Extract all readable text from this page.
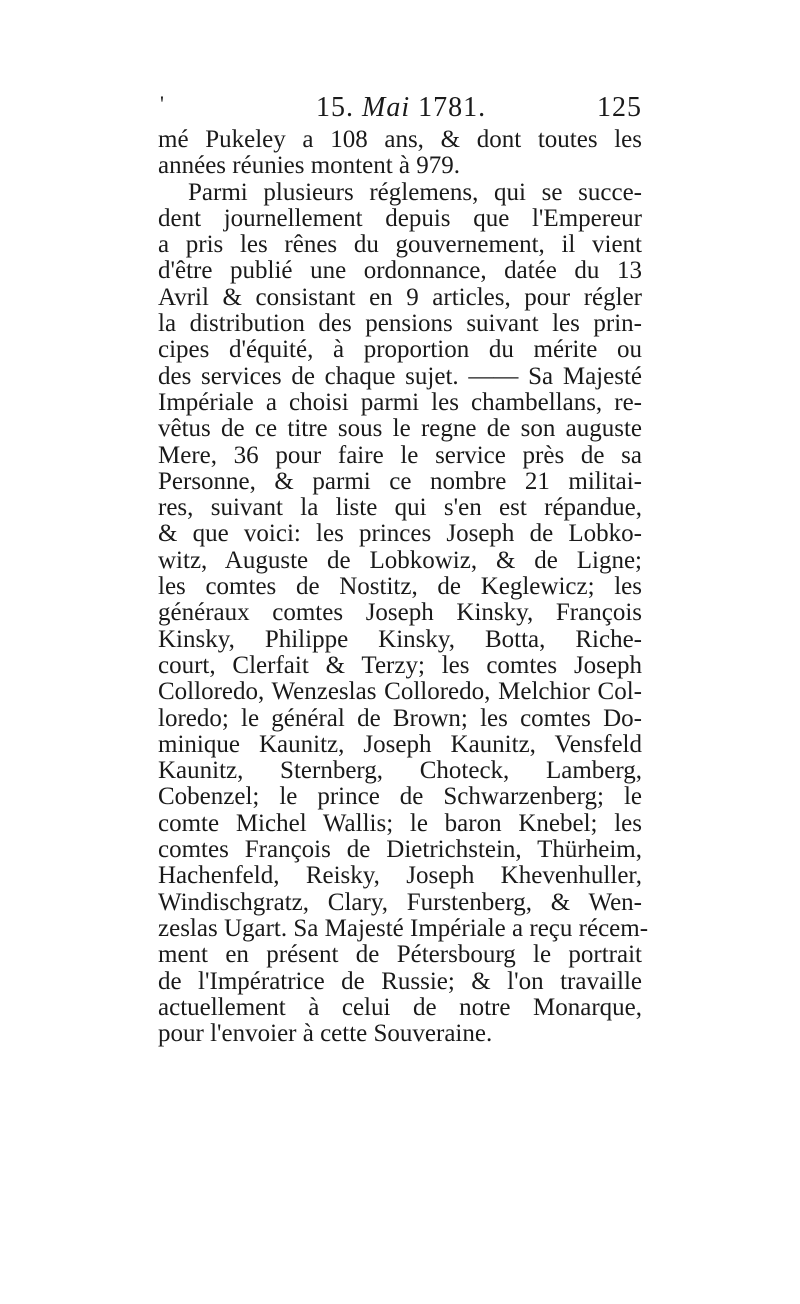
'	15. Mai 1781.	125
mé Pukeley a 108 ans, & dont toutes les
années réunies montent à 979.
Parmi plusieurs réglemens, qui se succe-
dent journellement depuis que l'Empereur
a pris les rênes du gouvernement, il vient
d'être publié une ordonnance, datée du 13
Avril & consistant en 9 articles, pour régler
la distribution des pensions suivant les prin-
cipes d'équité, à proportion du mérite ou
des services de chaque sujet. —— Sa Majesté
Impériale a choisi parmi les chambellans, re-
vêtus de ce titre sous le regne de son auguste
Mere, 36 pour faire le service près de sa
Personne, & parmi ce nombre 21 militai-
res, suivant la liste qui s'en est répandue,
& que voici: les princes Joseph de Lobko-
witz, Auguste de Lobkowiz, & de Ligne;
les comtes de Nostitz, de Keglewicz; les
généraux comtes Joseph Kinsky, François
Kinsky, Philippe Kinsky, Botta, Riche-
court, Clerfait & Terzy; les comtes Joseph
Colloredo, Wenzeslas Colloredo, Melchior Col-
loredo; le général de Brown; les comtes Do-
minique Kaunitz, Joseph Kaunitz, Vensfeld
Kaunitz, Sternberg, Choteck, Lamberg,
Cobenzel; le prince de Schwarzenberg; le
comte Michel Wallis; le baron Knebel; les
comtes François de Dietrichstein, Thürheim,
Hachenfeld, Reisky, Joseph Khevenhuller,
Windischgratz, Clary, Furstenberg, & Wen-
zeslas Ugart. Sa Majesté Impériale a reçu récem-
ment en présent de Pétersbourg le portrait
de l'Impératrice de Russie; & l'on travaille
actuellement à celui de notre Monarque,
pour l'envoier à cette Souveraine.
